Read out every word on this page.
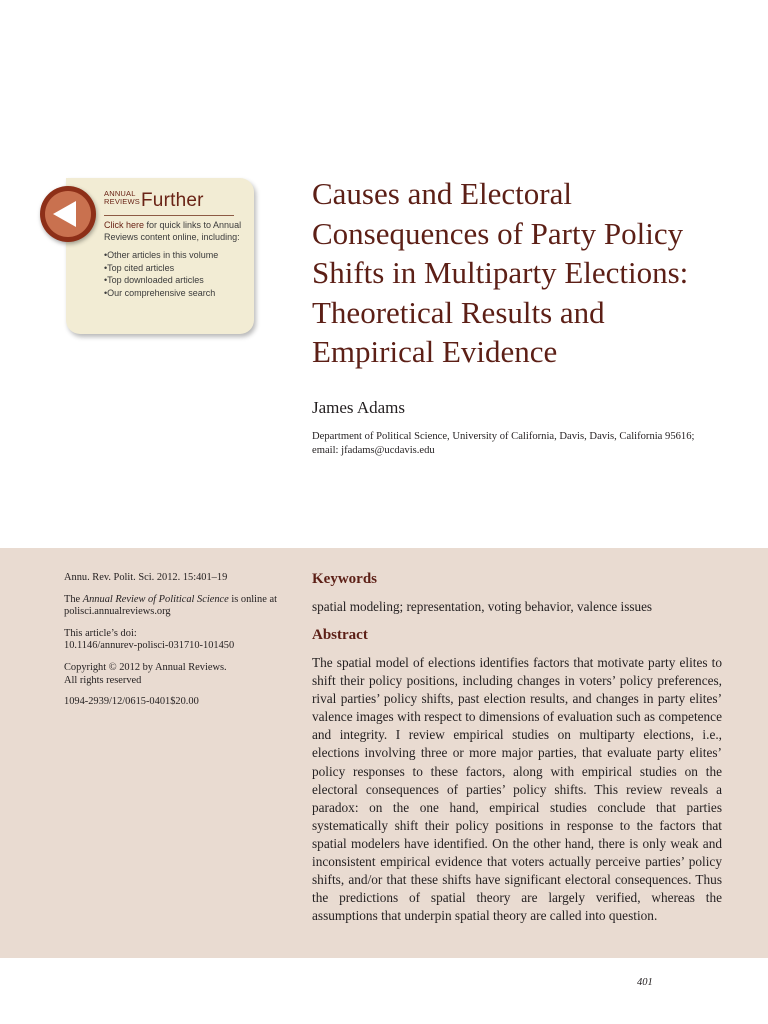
ANNUAL
REVIEWS Further
Click here for quick links to Annual Reviews content online, including:
• Other articles in this volume
• Top cited articles
• Top downloaded articles
• Our comprehensive search
Causes and Electoral
Consequences of Party Policy
Shifts in Multiparty Elections:
Theoretical Results and
Empirical Evidence
James Adams
Department of Political Science, University of California, Davis, Davis, California 95616;
email: jfadams@ucdavis.edu

Annu. Rev. Polit. Sci. 2012. 15:401–19

The Annual Review of Political Science is online at polisci.annualreviews.org

This article’s doi:
10.1146/annurev-polisci-031710-101450

Copyright © 2012 by Annual Reviews.
All rights reserved

1094-2939/12/0615-0401$20.00

Keywords
spatial modeling; representation, voting behavior, valence issues
Abstract

The spatial model of elections identifies factors that motivate party elites to shift their policy positions, including changes in voters’ policy preferences, rival parties’ policy shifts, past election results, and changes in party elites’ valence images with respect to dimensions of evaluation such as competence and integrity. I review empirical studies on multiparty elections, i.e., elections involving three or more major parties, that evaluate party elites’ policy responses to these factors, along with empirical studies on the electoral consequences of parties’ policy shifts. This review reveals a paradox: on the one hand, empirical studies conclude that parties systematically shift their policy positions in response to the factors that spatial modelers have identified. On the other hand, there is only weak and inconsistent empirical evidence that voters actually perceive parties’ policy shifts, and/or that these shifts have significant electoral consequences. Thus the predictions of spatial theory are largely verified, whereas the assumptions that underpin spatial theory are called into question.

401
